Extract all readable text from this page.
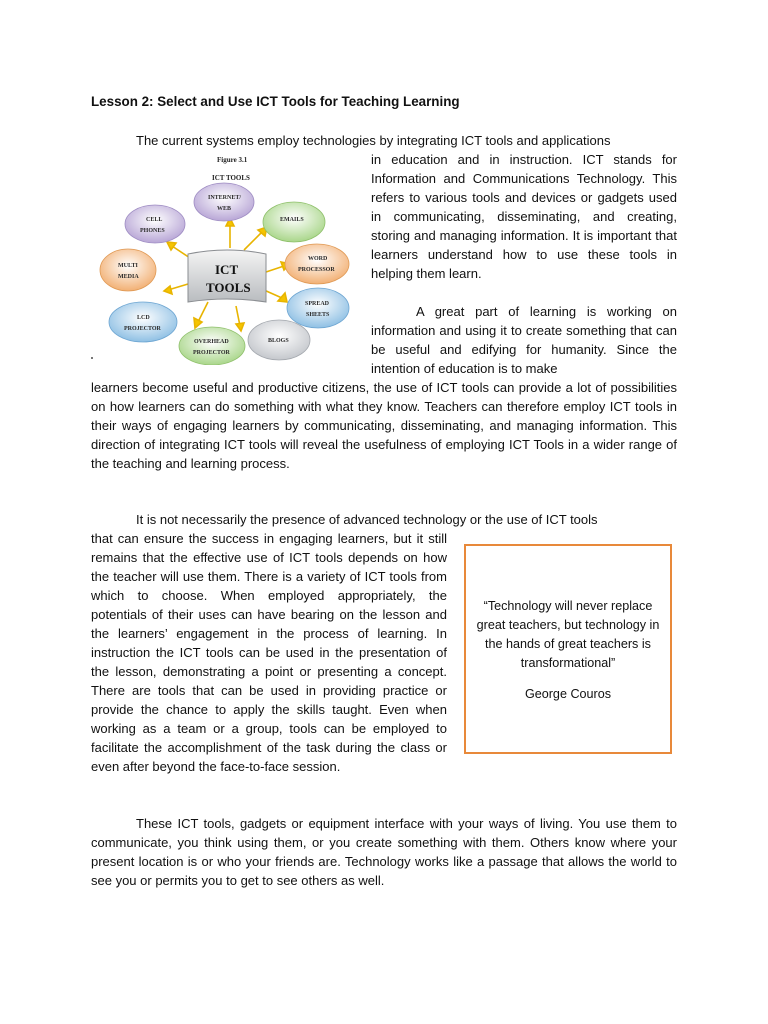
Lesson 2: Select and Use ICT Tools for Teaching Learning
The current systems employ technologies by integrating ICT tools and applications
Figure 3.1
ICT TOOLS
ICT
TOOLS
INTERNET/
WEB
EMAILS
WORD
PROCESSOR
SPREAD
SHEETS
BLOGS
OVERHEAD
PROJECTOR
LCD
PROJECTOR
MULTI
MEDIA
CELL
PHONES
in education and in instruction. ICT stands for Information and Communications Technology. This refers to various tools and devices or gadgets used in communicating, disseminating, and creating, storing and managing information. It is important that learners understand how to use these tools in helping them learn.
A great part of learning is working on information and using it to create something that can be useful and edifying for humanity. Since the intention of education is to make
learners become useful and productive citizens, the use of ICT tools can provide a lot of possibilities on how learners can do something with what they know. Teachers can therefore employ ICT tools in their ways of engaging learners by communicating, disseminating, and managing information. This direction of integrating ICT tools will reveal the usefulness of employing ICT Tools in a wider range of the teaching and learning process.
It is not necessarily the presence of advanced technology or the use of ICT tools
that can ensure the success in engaging learners, but it still remains that the effective use of ICT tools depends on how the teacher will use them. There is a variety of ICT tools from which to choose. When employed appropriately, the potentials of their uses can have bearing on the lesson and the learners’ engagement in the process of learning. In instruction the ICT tools can be used in the presentation of the lesson, demonstrating a point or presenting a concept. There are tools that can be used in providing practice or provide the chance to apply the skills taught. Even when working as a team or a group, tools can be employed to facilitate the accomplishment of the task during the class or even after beyond the face-to-face session.
“Technology will never replace great teachers, but technology in the hands of great teachers is transformational”
George Couros
These ICT tools, gadgets or equipment interface with your ways of living. You use them to communicate, you think using them, or you create something with them. Others know where your present location is or who your friends are. Technology works like a passage that allows the world to see you or permits you to get to see others as well.
